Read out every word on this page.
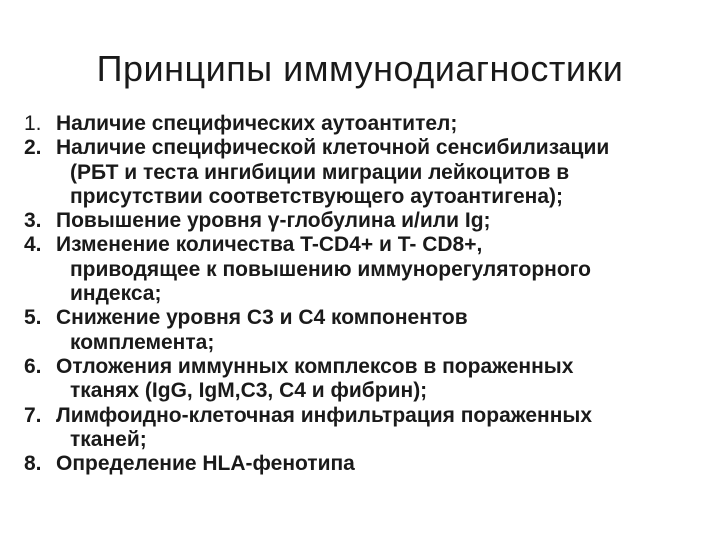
Принципы иммунодиагностики
1. Наличие специфических аутоантител;
2. Наличие специфической клеточной сенсибилизации
(РБТ и теста ингибиции миграции лейкоцитов в
присутствии соответствующего аутоантигена);
3. Повышение уровня γ-глобулина и/или Ig;
4. Изменение количества T-CD4+ и T- CD8+,
приводящее к повышению иммунорегуляторного
индекса;
5. Снижение уровня С3 и С4 компонентов
комплемента;
6. Отложения иммунных комплексов в пораженных
тканях (IgG, IgM,C3, C4 и фибрин);
7. Лимфоидно-клеточная инфильтрация пораженных
тканей;
8. Определение HLA-фенотипа
